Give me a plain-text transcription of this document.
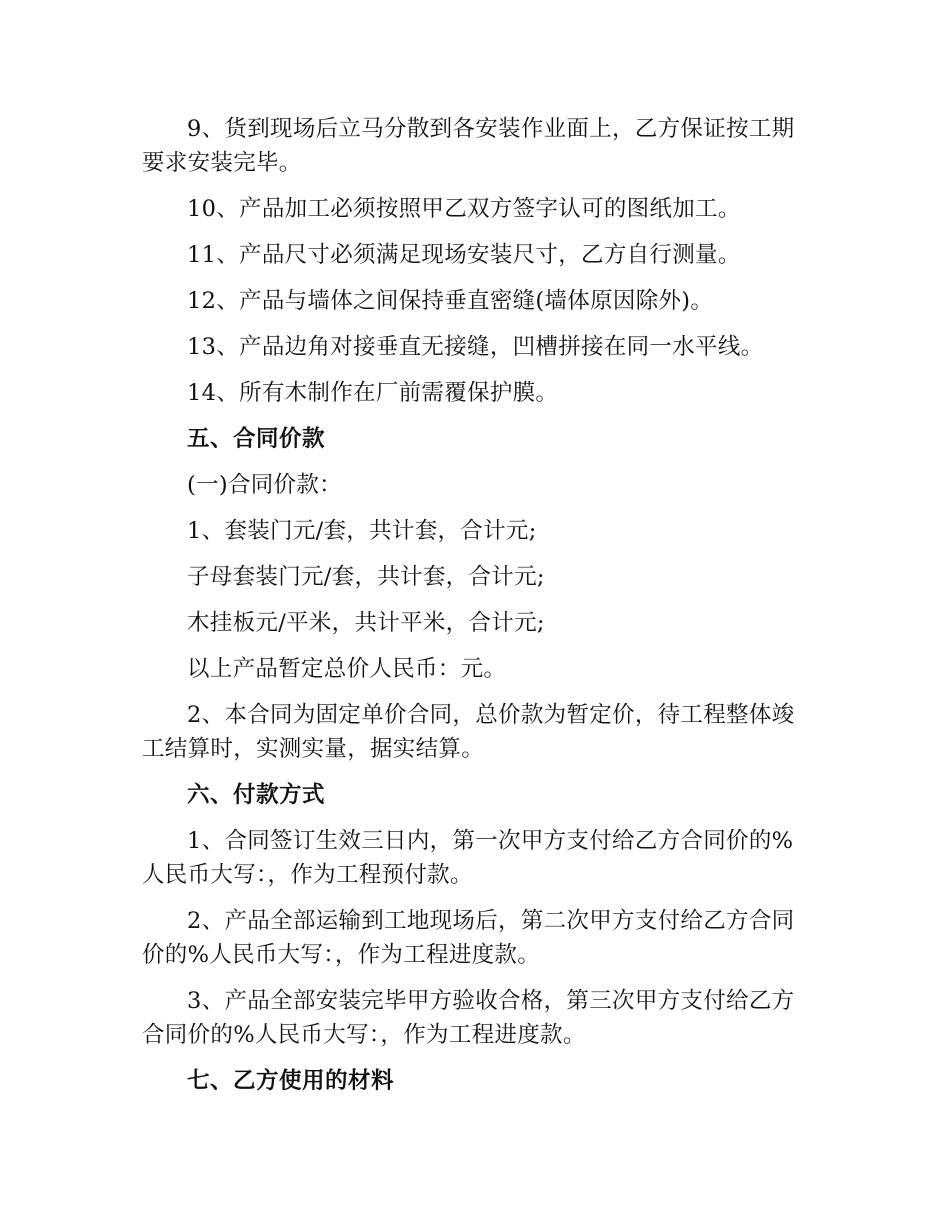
9、货到现场后立马分散到各安装作业面上，乙方保证按工期要求安装完毕。

10、产品加工必须按照甲乙双方签字认可的图纸加工。

11、产品尺寸必须满足现场安装尺寸，乙方自行测量。

12、产品与墙体之间保持垂直密缝(墙体原因除外)。

13、产品边角对接垂直无接缝，凹槽拼接在同一水平线。

14、所有木制作在厂前需覆保护膜。

五、合同价款

(一)合同价款：

1、套装门元/套，共计套，合计元;

子母套装门元/套，共计套，合计元;

木挂板元/平米，共计平米，合计元;

以上产品暂定总价人民币：元。

2、本合同为固定单价合同，总价款为暂定价，待工程整体竣工结算时，实测实量，据实结算。

六、付款方式

1、合同签订生效三日内，第一次甲方支付给乙方合同价的%人民币大写：，作为工程预付款。

2、产品全部运输到工地现场后，第二次甲方支付给乙方合同价的%人民币大写：，作为工程进度款。

3、产品全部安装完毕甲方验收合格，第三次甲方支付给乙方合同价的%人民币大写：，作为工程进度款。

七、乙方使用的材料
